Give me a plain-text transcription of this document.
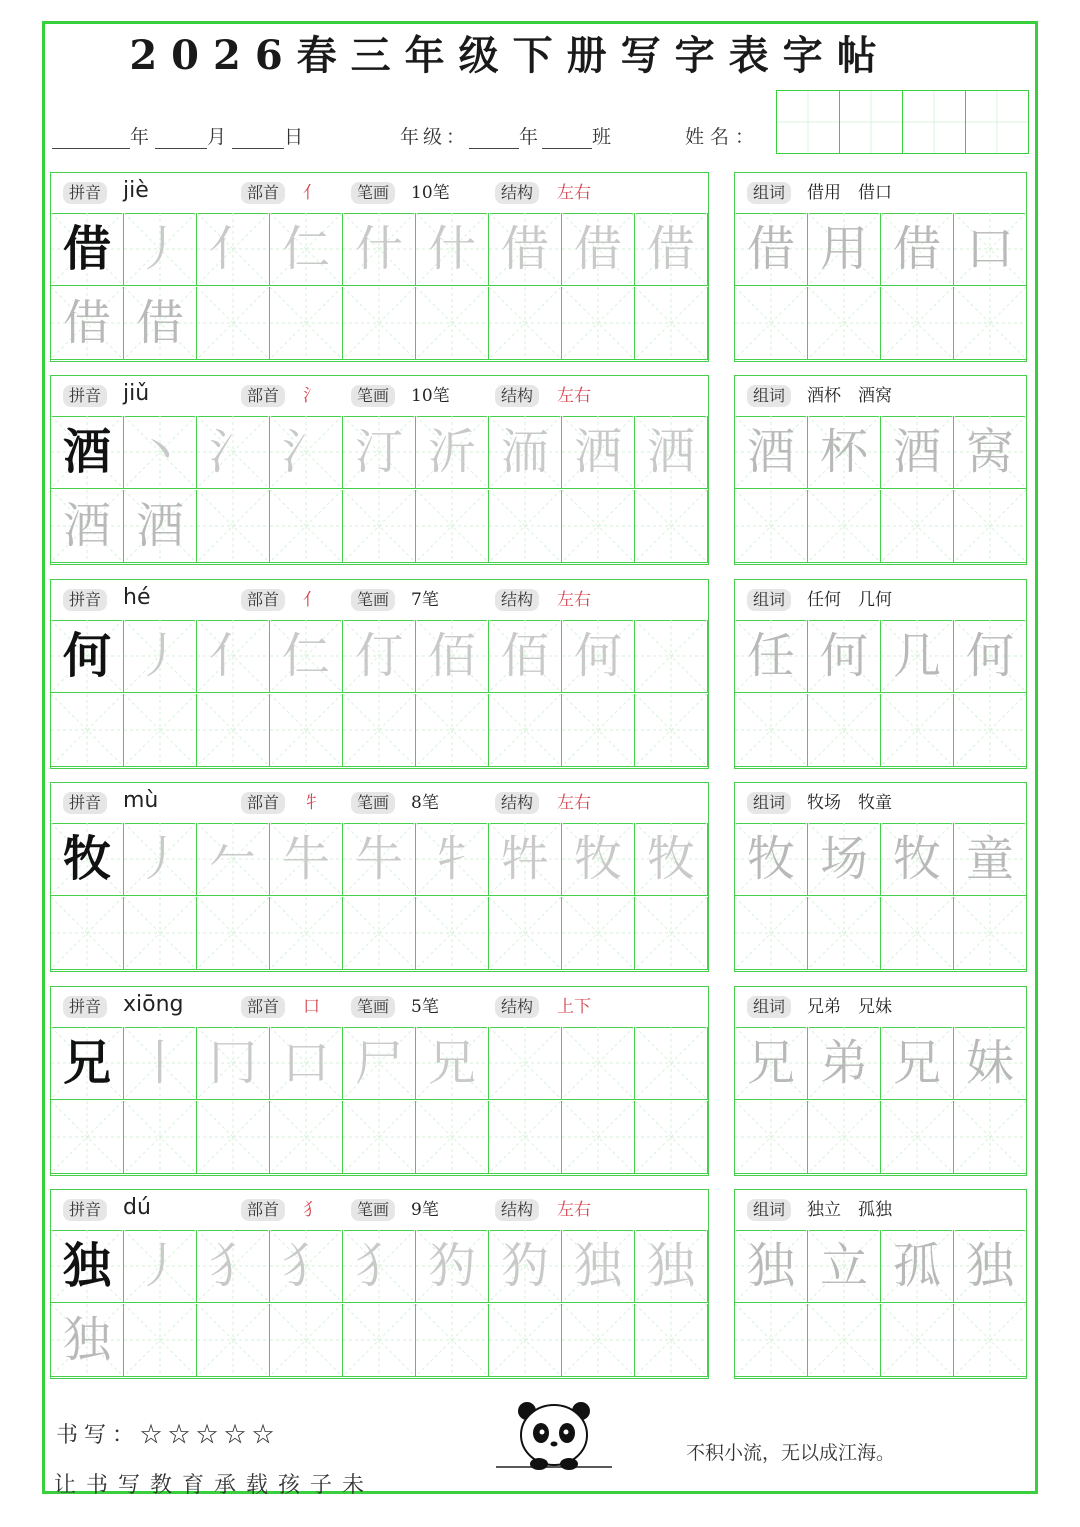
2026春三年级下册写字表字帖
年	月	日	年级：	年	班	姓名：
拼音 jiè	部首	亻	笔画	10笔	结构	左右
借 丿 亻 仁 什 什 借 借 借
借 借
组词	借用　借口
借 用 借 口
拼音 jiǔ	部首	氵	笔画	10笔	结构	左右
酒 丶 氵 氵 汀 沂 洏 洒 洒
酒 酒
组词	酒杯　酒窝
酒 杯 酒 窝
拼音 hé	部首	亻	笔画	7笔	结构	左右
何 丿 亻 仁 仃 佰 佰 何
组词	任何　几何
任 何 几 何
拼音 mù	部首	牜	笔画	8笔	结构	左右
牧 丿 𠂉 牛 牛 牜 牪 牧 牧
组词	牧场　牧童
牧 场 牧 童
拼音 xiōng	部首	口	笔画	5笔	结构	上下
兄 丨 冂 口 尸 兄
组词	兄弟　兄妹
兄 弟 兄 妹
拼音 dú	部首	犭	笔画	9笔	结构	左右
独 丿 犭 犭 犭 犳 犳 独 独
独
组词	独立　孤独
独 立 孤 独
书写：☆☆☆☆☆
让书写教育承载孩子未
不积小流，无以成江海。
